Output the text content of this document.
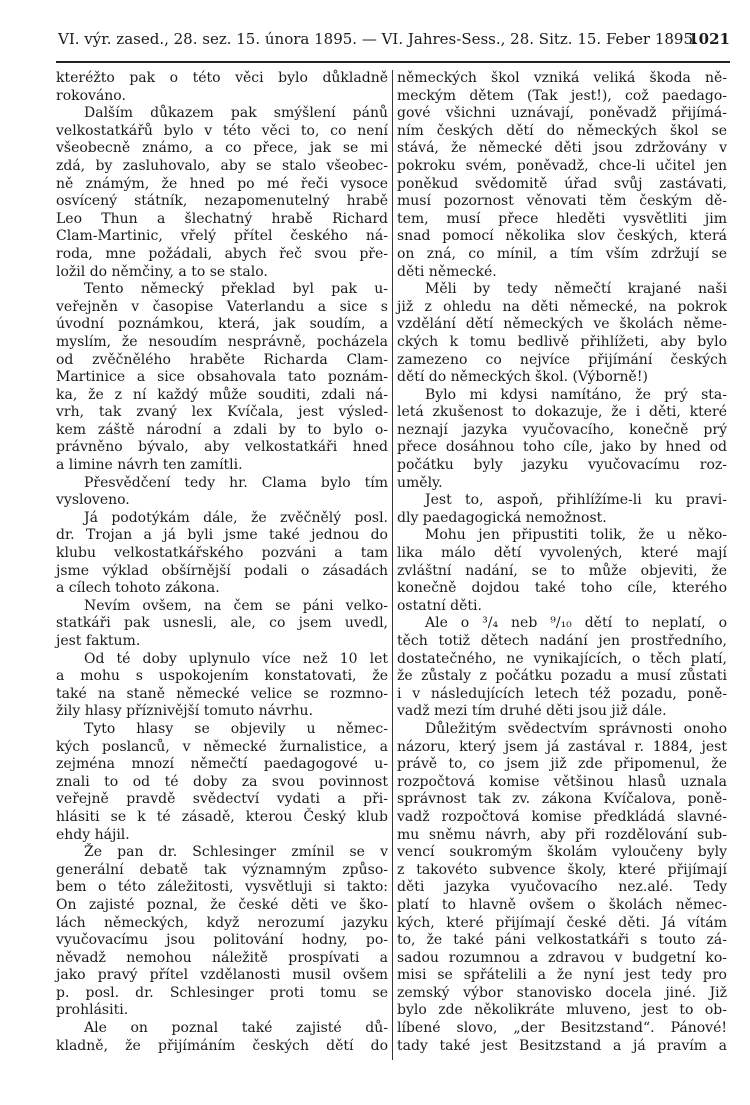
VI. výr. zased., 28. sez. 15. února 1895. — VI. Jahres-Sess., 28. Sitz. 15. Feber 1895.
1021
kteréžto pak o této věci bylo důkladně
rokováno.
Dalším důkazem pak smýšlení pánů
velkostatkářů bylo v této věci to, co není
všeobecně známo, a co přece, jak se mi
zdá, by zasluhovalo, aby se stalo všeobec-
ně známým, že hned po mé řeči vysoce
osvícený státník, nezapomenutelný hrabě
Leo Thun a šlechatný hrabě Richard
Clam-Martinic, vřelý přítel českého ná-
roda, mne požádali, abych řeč svou pře-
ložil do němčiny, a to se stalo.
Tento německý překlad byl pak u-
veřejněn v časopise Vaterlandu a sice s
úvodní poznámkou, která, jak soudím, a
myslím, že nesoudím nesprávně, pocházela
od zvěčnělého hraběte Richarda Clam-
Martinice a sice obsahovala tato poznám-
ka, že z ní každý může souditi, zdali ná-
vrh, tak zvaný lex Kvíčala, jest výsled-
kem záště národní a zdali by to bylo o-
právněno bývalo, aby velkostatkáři hned
a limine návrh ten zamítli.
Přesvědčení tedy hr. Clama bylo tím
vysloveno.
Já podotýkám dále, že zvěčnělý posl.
dr. Trojan a já byli jsme také jednou do
klubu velkostatkářského pozváni a tam
jsme výklad obšírnější podali o zásadách
a cílech tohoto zákona.
Nevím ovšem, na čem se páni velko-
statkáři pak usnesli, ale, co jsem uvedl,
jest faktum.
Od té doby uplynulo více než 10 let
a mohu s uspokojením konstatovati, že
také na staně německé velice se rozmno-
žily hlasy příznivější tomuto návrhu.
Tyto hlasy se objevily u němec-
kých poslanců, v německé žurnalistice, a
zejména mnozí němečtí paedagogové u-
znali to od té doby za svou povinnost
veřejně pravdě svědectví vydati a při-
hlásiti se k té zásadě, kterou Český klub
ehdy hájil.
Že pan dr. Schlesinger zmínil se v
generální debatě tak významným způso-
bem o této záležitosti, vysvětluji si takto:
On zajisté poznal, že české děti ve ško-
lách německých, když nerozumí jazyku
vyučovacímu jsou politování hodny, po-
něvadž nemohou náležitě prospívati a
jako pravý přítel vzdělanosti musil ovšem
p. posl. dr. Schlesinger proti tomu se
prohlásiti.
Ale on poznal také zajisté dů-
kladně, že přijímáním českých dětí do
německých škol vzniká veliká škoda ně-
meckým dětem (Tak jest!), což paedago-
gové všichni uznávají, poněvadž přijímá-
ním českých dětí do německých škol se
stává, že německé děti jsou zdržovány v
pokroku svém, poněvadž, chce-li učitel jen
poněkud svědomitě úřad svůj zastávati,
musí pozornost věnovati těm českým dě-
tem, musí přece hleděti vysvětliti jim
snad pomocí několika slov českých, která
on zná, co mínil, a tím vším zdržují se
děti německé.
Měli by tedy němečtí krajané naši
již z ohledu na děti německé, na pokrok
vzdělání dětí německých ve školách něme-
ckých k tomu bedlivě přihlížeti, aby bylo
zamezeno co nejvíce přijímání českých
dětí do německých škol. (Výborně!)
Bylo mi kdysi namítáno, že prý sta-
letá zkušenost to dokazuje, že i děti, které
neznají jazyka vyučovacího, konečně prý
přece dosáhnou toho cíle, jako by hned od
počátku byly jazyku vyučovacímu roz-
uměly.
Jest to, aspoň, přihlížíme-li ku pravi-
dly paedagogická nemožnost.
Mohu jen připustiti tolik, že u něko-
lika málo dětí vyvolených, které mají
zvláštní nadání, se to může objeviti, že
konečně dojdou také toho cíle, kterého
ostatní děti.
Ale o ³/₄ neb ⁹/₁₀ dětí to neplatí, o
těch totiž dětech nadání jen prostředního,
dostatečného, ne vynikajících, o těch platí,
že zůstaly z počátku pozadu a musí zůstati
i v následujících letech též pozadu, poně-
vadž mezi tím druhé děti jsou již dále.
Důležitým svědectvím správnosti onoho
názoru, který jsem já zastával r. 1884, jest
právě to, co jsem již zde připomenul, že
rozpočtová komise většinou hlasů uznala
správnost tak zv. zákona Kvíčalova, poně-
vadž rozpočtová komise předkládá slavné-
mu sněmu návrh, aby při rozdělování sub-
vencí soukromým školám vyloučeny byly
z takovéto subvence školy, které přijímají
děti jazyka vyučovacího nez.alé. Tedy
platí to hlavně ovšem o školách němec-
kých, které přijímají české děti. Já vítám
to, že také páni velkostatkáři s touto zá-
sadou rozumnou a zdravou v budgetní ko-
misi se spřátelili a že nyní jest tedy pro
zemský výbor stanovisko docela jiné. Již
bylo zde několikráte mluveno, jest to ob-
líbené slovo, „der Besitzstand“. Pánové!
tady také jest Besitzstand a já pravím a
